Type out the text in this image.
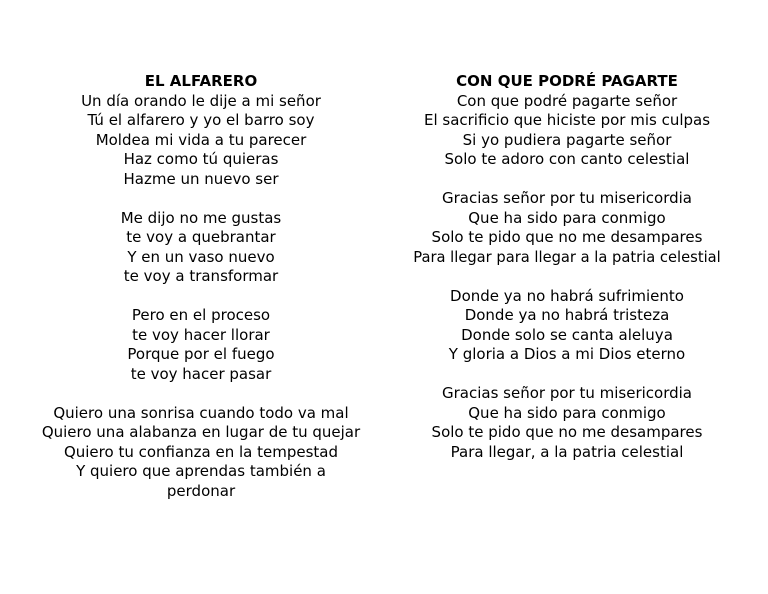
EL ALFARERO
Un día orando le dije a mi señor
Tú el alfarero y yo el barro soy
Moldea mi vida a tu parecer
Haz como tú quieras
Hazme un nuevo ser
Me dijo no me gustas
te voy a quebrantar
Y en un vaso nuevo
te voy a transformar
Pero en el proceso
te voy hacer llorar
Porque por el fuego
te voy hacer pasar
Quiero una sonrisa cuando todo va mal
Quiero una alabanza en lugar de tu quejar
Quiero tu confianza en la tempestad
Y quiero que aprendas también a perdonar
CON QUE PODRÉ PAGARTE
Con que podré pagarte señor
El sacrificio que hiciste por mis culpas
Si yo pudiera pagarte señor
Solo te adoro con canto celestial
Gracias señor por tu misericordia
Que ha sido para conmigo
Solo te pido que no me desampares
Para llegar para llegar a la patria celestial
Donde ya no habrá sufrimiento
Donde ya no habrá tristeza
Donde solo se canta aleluya
Y gloria a Dios a mi Dios eterno
Gracias señor por tu misericordia
Que ha sido para conmigo
Solo te pido que no me desampares
Para llegar, a la patria celestial
